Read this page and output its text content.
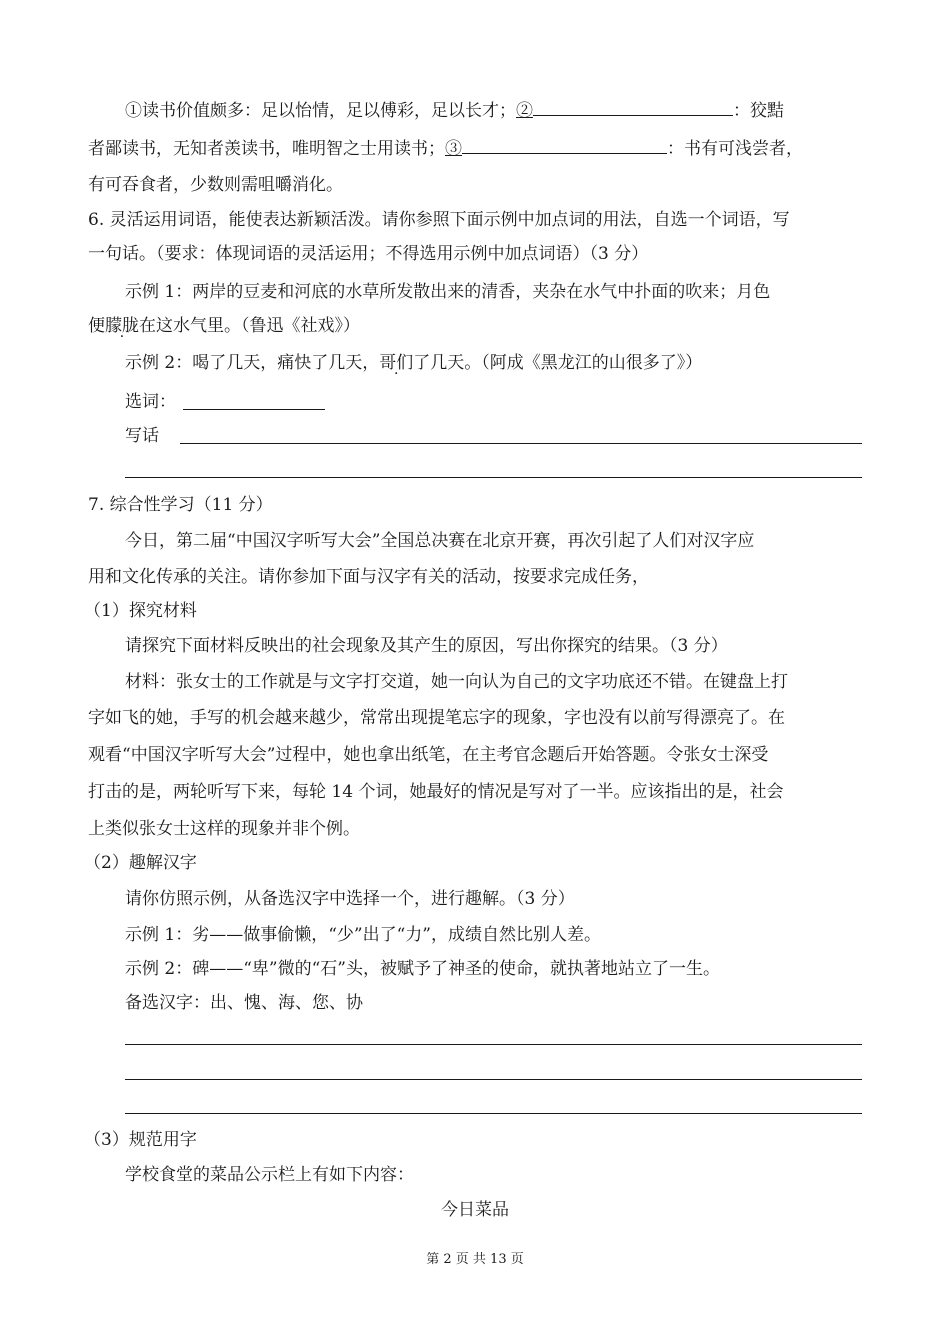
①读书价值颇多：足以怡情，足以傅彩，足以长才；②	：狡黠
者鄙读书，无知者羡读书，唯明智之士用读书；③	：书有可浅尝者，
有可吞食者，少数则需咀嚼消化。
6. 灵活运用词语，能使表达新颖活泼。请你参照下面示例中加点词的用法，自选一个词语，写
一句话。（要求：体现词语的灵活运用；不得选用示例中加点词语）（3 分）
示例 1：两岸的豆麦和河底的水草所发散出来的清香，夹杂在水气中扑面的吹来；月色
便朦胧在这水气里。（鲁迅《社戏》）
示例 2：喝了几天，痛快了几天，哥们了几天。（阿成《黑龙江的山很多了》）
选词：
写话
7. 综合性学习（11 分）
今日，第二届“中国汉字听写大会”全国总决赛在北京开赛，再次引起了人们对汉字应
用和文化传承的关注。请你参加下面与汉字有关的活动，按要求完成任务，
（1）探究材料
请探究下面材料反映出的社会现象及其产生的原因，写出你探究的结果。（3 分）
材料：张女士的工作就是与文字打交道，她一向认为自己的文字功底还不错。在键盘上打
字如飞的她，手写的机会越来越少，常常出现提笔忘字的现象，字也没有以前写得漂亮了。在
观看“中国汉字听写大会”过程中，她也拿出纸笔，在主考官念题后开始答题。令张女士深受
打击的是，两轮听写下来，每轮 14 个词，她最好的情况是写对了一半。应该指出的是，社会
上类似张女士这样的现象并非个例。
（2）趣解汉字
请你仿照示例，从备选汉字中选择一个，进行趣解。（3 分）
示例 1：劣——做事偷懒，“少”出了“力”，成绩自然比别人差。
示例 2：碑——“卑”微的“石”头，被赋予了神圣的使命，就执著地站立了一生。
备选汉字：出、愧、海、您、协
（3）规范用字
学校食堂的菜品公示栏上有如下内容：
今日菜品
第 2 页 共 13 页
